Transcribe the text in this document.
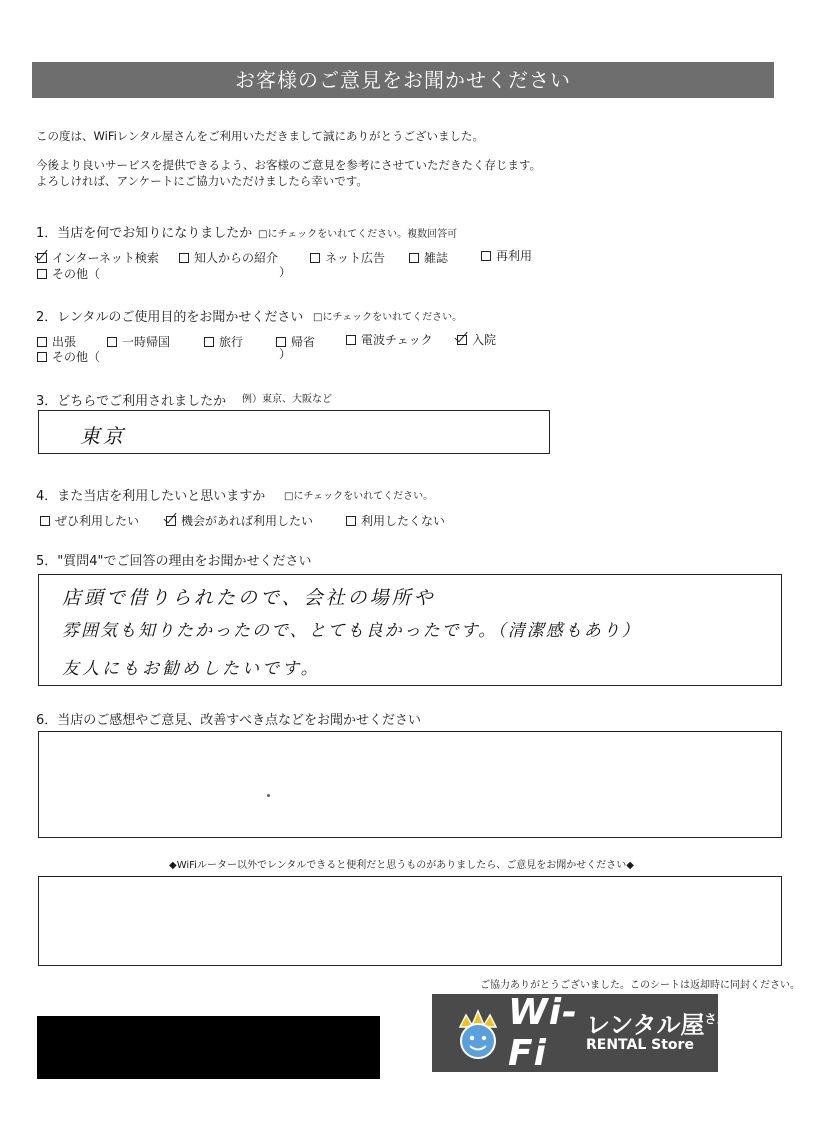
お客様のご意見をお聞かせください
この度は、WiFiレンタル屋さんをご利用いただきまして誠にありがとうございました。
今後より良いサービスを提供できるよう、お客様のご意見を参考にさせていただきたく存じます。
よろしければ、アンケートにご協力いただけましたら幸いです。
1．当店を何でお知りになりましたか □にチェックをいれてください。複数回答可
インターネット検索	知人からの紹介	ネット広告	雑誌	再利用
その他（	）
2．レンタルのご使用目的をお聞かせください □にチェックをいれてください。
出張	一時帰国	旅行	帰省	電波チェック	入院
その他（	）
3．どちらでご利用されましたか 例）東京、大阪など
東京
4．また当店を利用したいと思いますか □にチェックをいれてください。
ぜひ利用したい	機会があれば利用したい	利用したくない
5．"質問4"でご回答の理由をお聞かせください
店頭で借りられたので、会社の場所や
雰囲気も知りたかったので、とても良かったです。（清潔感もあり）
友人にもお勧めしたいです。
6．当店のご感想やご意見、改善すべき点などをお聞かせください
◆WiFiルーター以外でレンタルできると便利だと思うものがありましたら、ご意見をお聞かせください◆
ご協力ありがとうございました。このシートは返却時に同封ください。
Wi-Fi
レンタル屋$^{さん}$
RENTAL Store
